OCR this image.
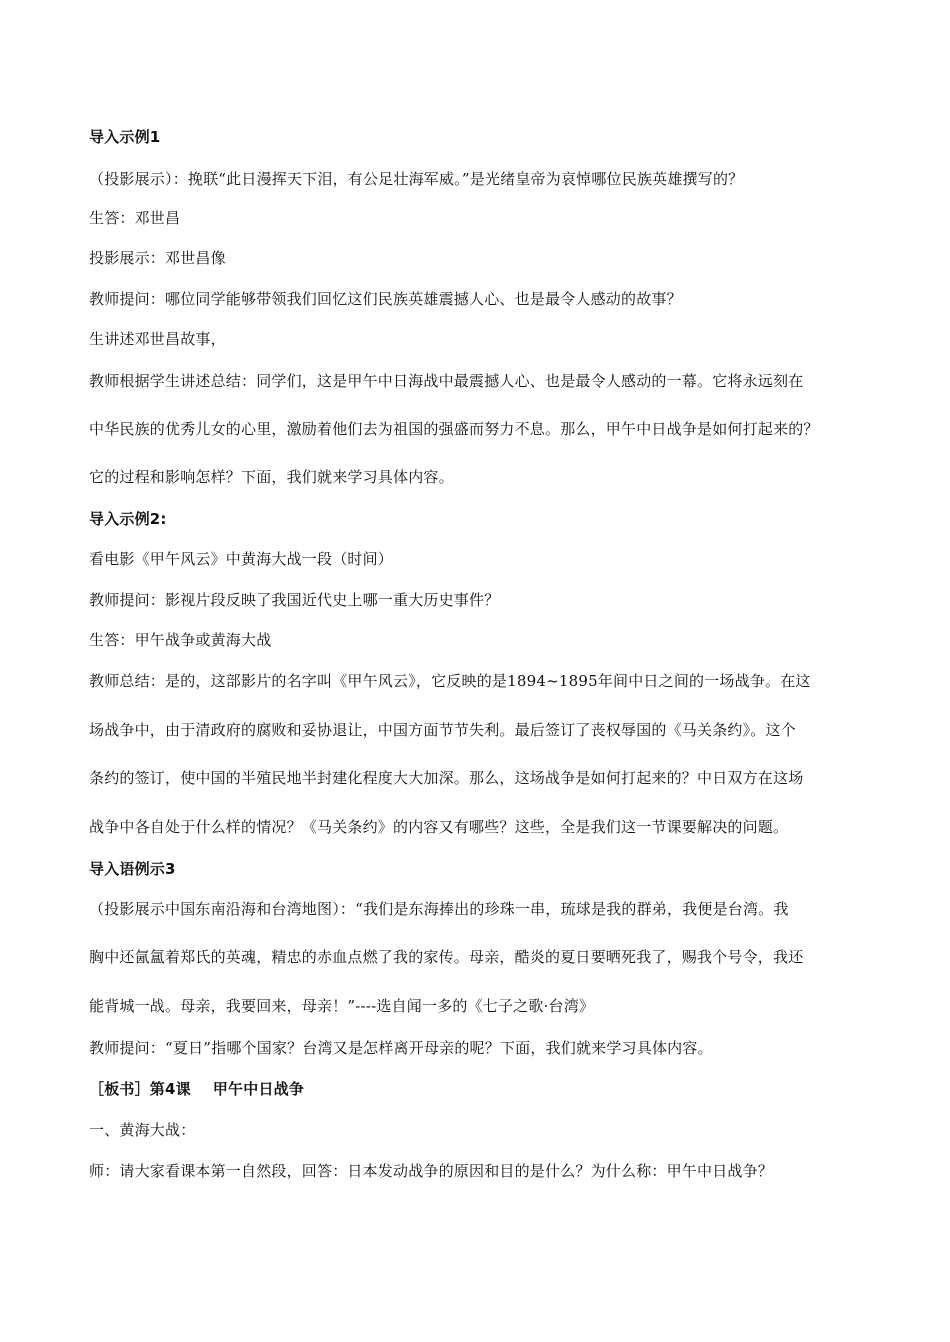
导入示例1
（投影展示）：挽联“此日漫挥天下泪，有公足壮海军威。”是光绪皇帝为哀悼哪位民族英雄撰写的？
生答：邓世昌
投影展示：邓世昌像
教师提问：哪位同学能够带领我们回忆这们民族英雄震撼人心、也是最令人感动的故事？
生讲述邓世昌故事，
教师根据学生讲述总结：同学们，这是甲午中日海战中最震撼人心、也是最令人感动的一幕。它将永远刻在
中华民族的优秀儿女的心里，激励着他们去为祖国的强盛而努力不息。那么，甲午中日战争是如何打起来的？
它的过程和影响怎样？下面，我们就来学习具体内容。
导入示例2:
看电影《甲午风云》中黄海大战一段（时间）
教师提问：影视片段反映了我国近代史上哪一重大历史事件？
生答：甲午战争或黄海大战
教师总结：是的，这部影片的名字叫《甲午风云》，它反映的是1894~1895年间中日之间的一场战争。在这
场战争中，由于清政府的腐败和妥协退让，中国方面节节失利。最后签订了丧权辱国的《马关条约》。这个
条约的签订，使中国的半殖民地半封建化程度大大加深。那么，这场战争是如何打起来的？中日双方在这场
战争中各自处于什么样的情况？《马关条约》的内容又有哪些？这些，全是我们这一节课要解决的问题。
导入语例示3
（投影展示中国东南沿海和台湾地图）：“我们是东海捧出的珍珠一串，琉球是我的群弟，我便是台湾。我
胸中还氤氲着郑氏的英魂，精忠的赤血点燃了我的家传。母亲，酷炎的夏日要晒死我了，赐我个号令，我还
能背城一战。母亲，我要回来，母亲！”----选自闻一多的《七子之歌·台湾》
教师提问：“夏日”指哪个国家？台湾又是怎样离开母亲的呢？下面，我们就来学习具体内容。
［板书］第4课 甲午中日战争
一、黄海大战：
师：请大家看课本第一自然段，回答：日本发动战争的原因和目的是什么？为什么称：甲午中日战争？
